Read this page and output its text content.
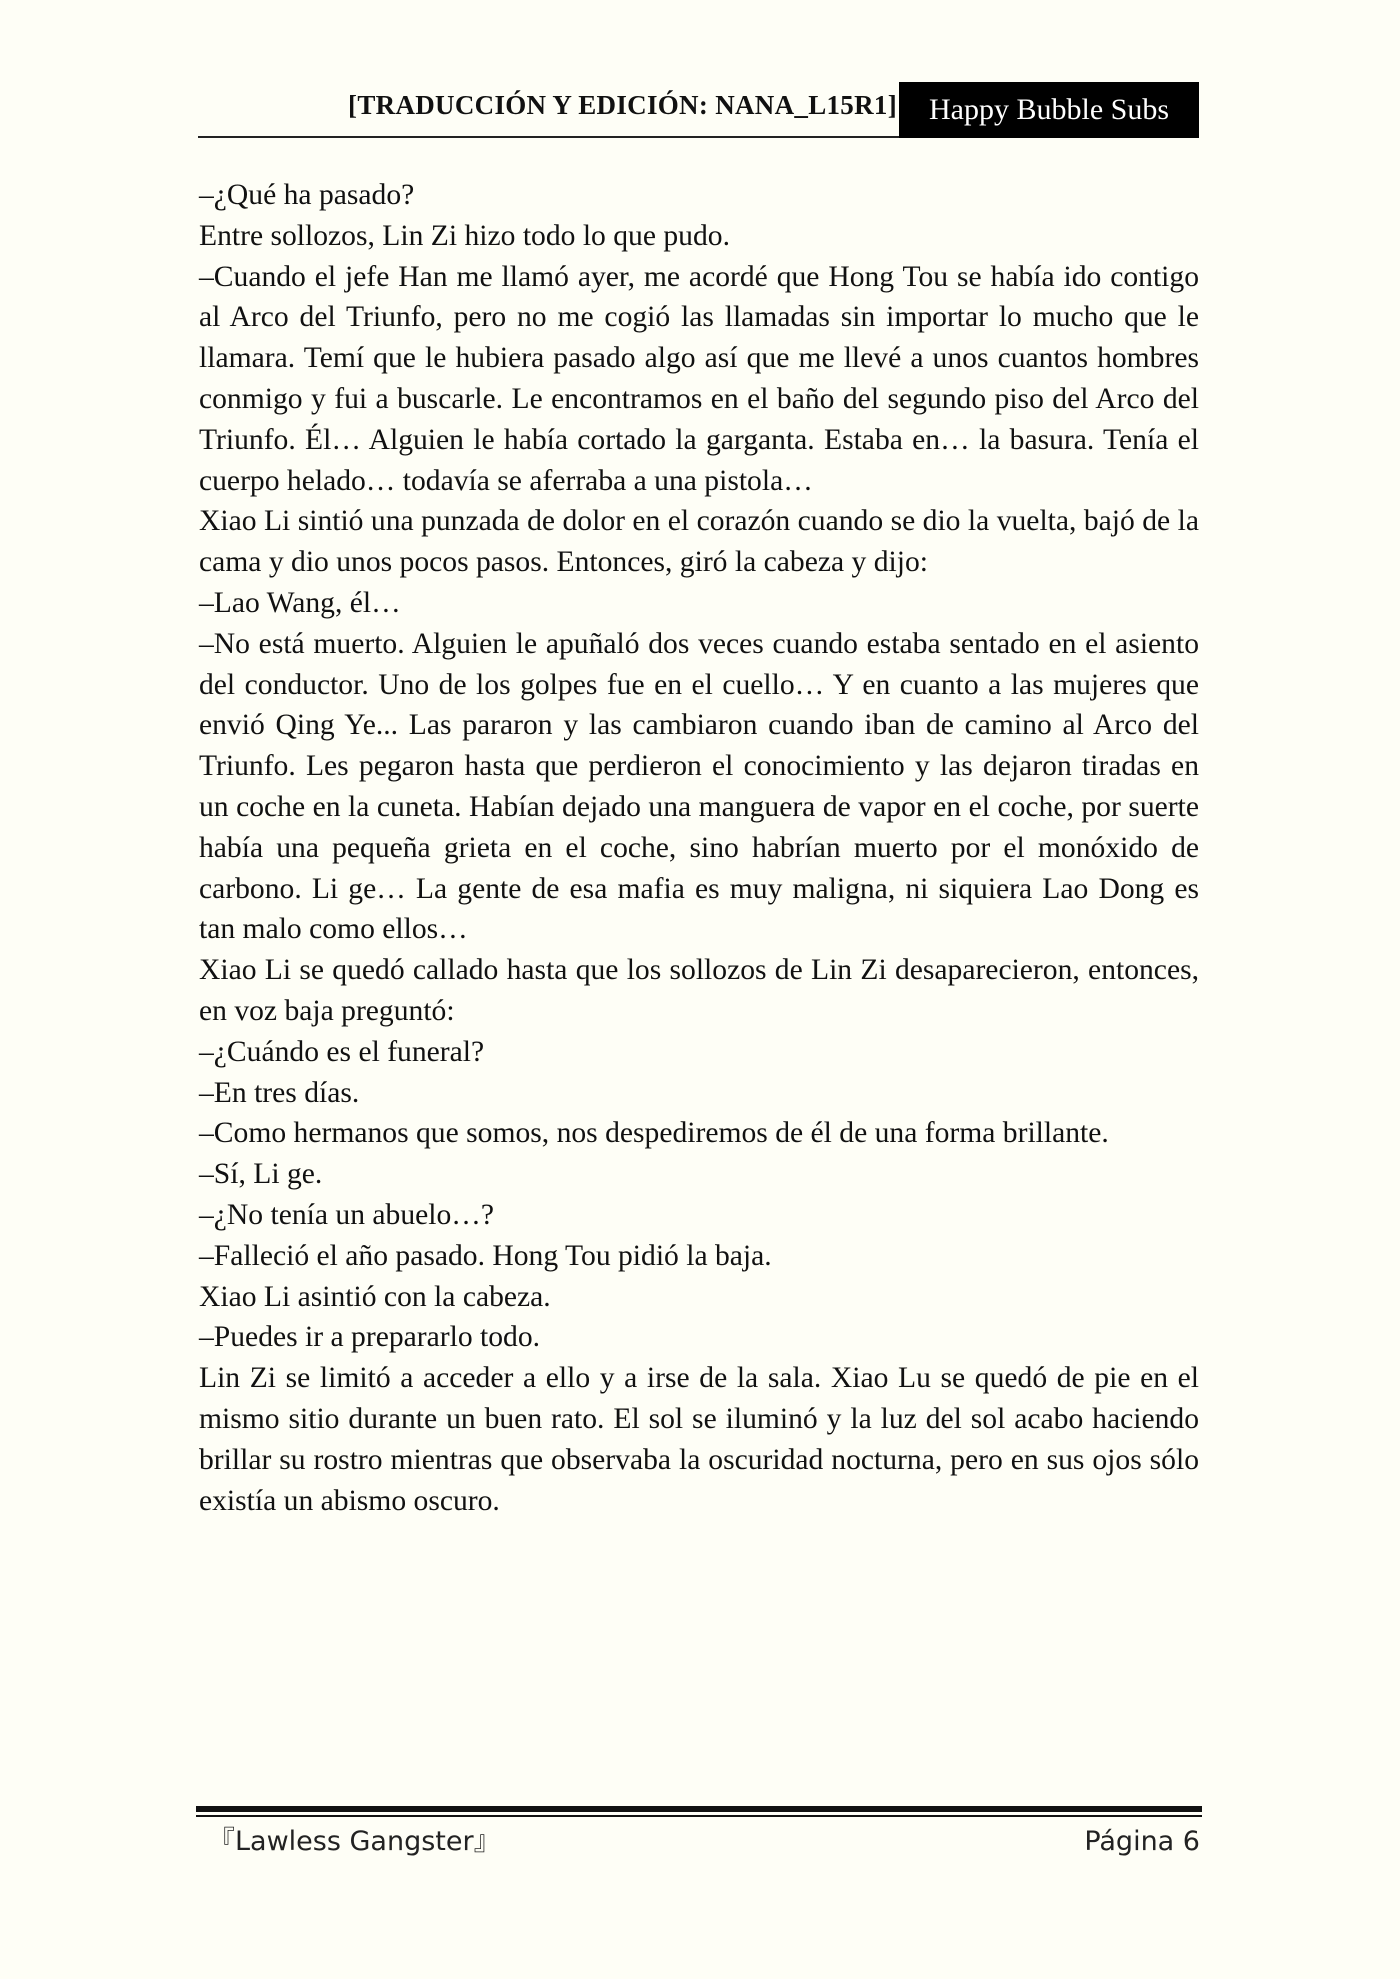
[TRADUCCIÓN Y EDICIÓN: NANA_L15R1]	Happy Bubble Subs

–¿Qué ha pasado?

Entre sollozos, Lin Zi hizo todo lo que pudo.

–Cuando el jefe Han me llamó ayer, me acordé que Hong Tou se había ido contigo al Arco del Triunfo, pero no me cogió las llamadas sin importar lo mucho que le llamara. Temí que le hubiera pasado algo así que me llevé a unos cuantos hombres conmigo y fui a buscarle. Le encontramos en el baño del segundo piso del Arco del Triunfo. Él… Alguien le había cortado la garganta. Estaba en… la basura. Tenía el cuerpo helado… todavía se aferraba a una pistola…

Xiao Li sintió una punzada de dolor en el corazón cuando se dio la vuelta, bajó de la cama y dio unos pocos pasos. Entonces, giró la cabeza y dijo:

–Lao Wang, él…

–No está muerto. Alguien le apuñaló dos veces cuando estaba sentado en el asiento del conductor. Uno de los golpes fue en el cuello… Y en cuanto a las mujeres que envió Qing Ye... Las pararon y las cambiaron cuando iban de camino al Arco del Triunfo. Les pegaron hasta que perdieron el conocimiento y las dejaron tiradas en un coche en la cuneta. Habían dejado una manguera de vapor en el coche, por suerte había una pequeña grieta en el coche, sino habrían muerto por el monóxido de carbono. Li ge… La gente de esa mafia es muy maligna, ni siquiera Lao Dong es tan malo como ellos…

Xiao Li se quedó callado hasta que los sollozos de Lin Zi desaparecieron, entonces, en voz baja preguntó:

–¿Cuándo es el funeral?

–En tres días.

–Como hermanos que somos, nos despediremos de él de una forma brillante.

–Sí, Li ge.

–¿No tenía un abuelo…?

–Falleció el año pasado. Hong Tou pidió la baja.

Xiao Li asintió con la cabeza.

–Puedes ir a prepararlo todo.

Lin Zi se limitó a acceder a ello y a irse de la sala. Xiao Lu se quedó de pie en el mismo sitio durante un buen rato. El sol se iluminó y la luz del sol acabo haciendo brillar su rostro mientras que observaba la oscuridad nocturna, pero en sus ojos sólo existía un abismo oscuro.

『Lawless Gangster』	Página 6
